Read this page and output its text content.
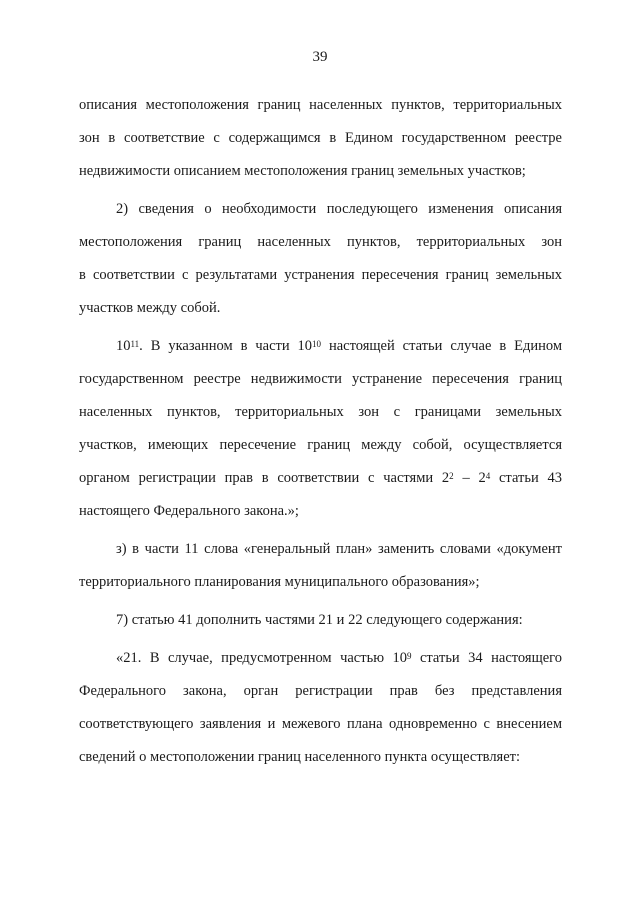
39

описания местоположения границ населенных пунктов, территориальных
зон в соответствие с содержащимся в Едином государственном реестре
недвижимости описанием местоположения границ земельных участков;

2) сведения о необходимости последующего изменения описания
местоположения границ населенных пунктов, территориальных зон
в соответствии с результатами устранения пересечения границ земельных
участков между собой.

$10^{11}$. В указанном в части $10^{10}$ настоящей статьи случае в Едином
государственном реестре недвижимости устранение пересечения границ
населенных пунктов, территориальных зон с границами земельных
участков, имеющих пересечение границ между собой, осуществляется
органом регистрации прав в соответствии с частями $2^2 - 2^4$ статьи 43
настоящего Федерального закона.»;

з) в части 11 слова «генеральный план» заменить словами «документ
территориального планирования муниципального образования»;

7) статью 41 дополнить частями 21 и 22 следующего содержания:

«21. В случае, предусмотренном частью $10^9$ статьи 34 настоящего
Федерального закона, орган регистрации прав без представления
соответствующего заявления и межевого плана одновременно с внесением
сведений о местоположении границ населенного пункта осуществляет:
